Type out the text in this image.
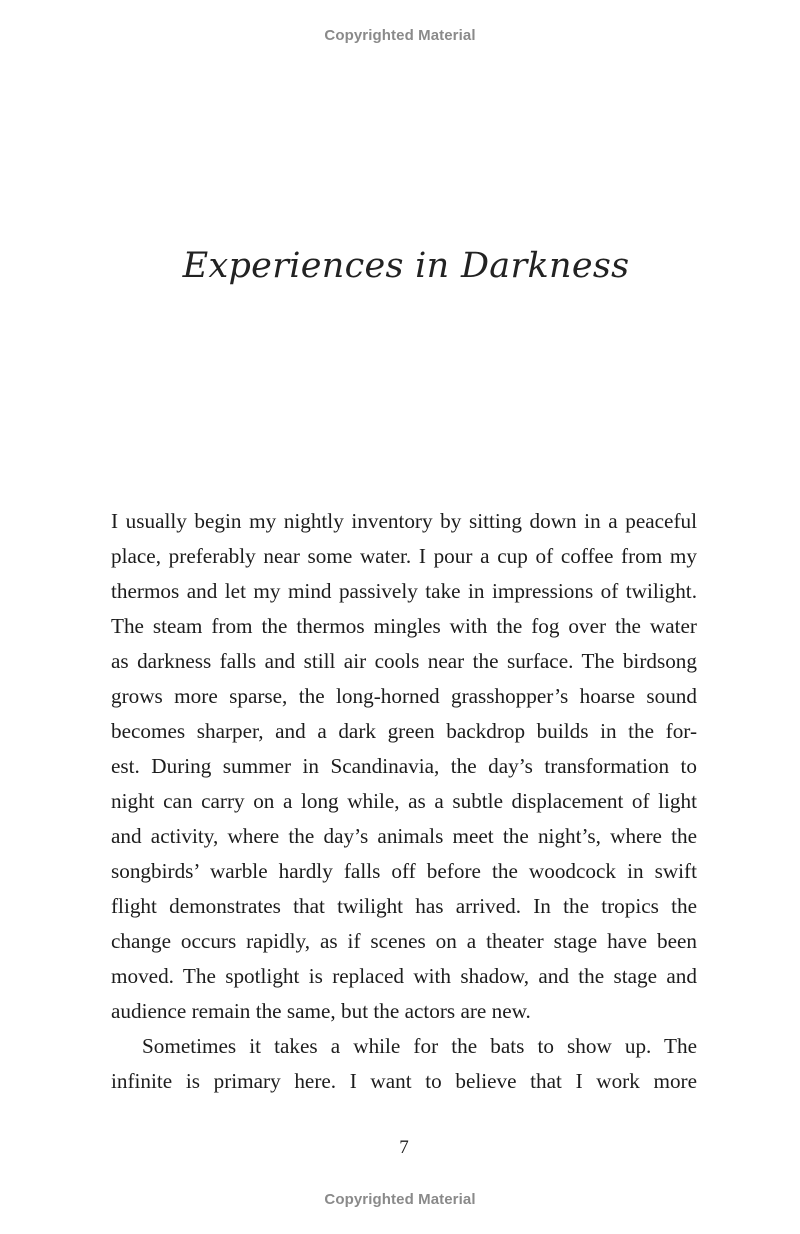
Copyrighted Material
Experiences in Darkness
I usually begin my nightly inventory by sitting down in a peaceful
place, preferably near some water. I pour a cup of coffee from my
thermos and let my mind passively take in impressions of twilight.
The steam from the thermos mingles with the fog over the water
as darkness falls and still air cools near the surface. The birdsong
grows more sparse, the long-horned grasshopper’s hoarse sound
becomes sharper, and a dark green backdrop builds in the for-
est. During summer in Scandinavia, the day’s transformation to
night can carry on a long while, as a subtle displacement of light
and activity, where the day’s animals meet the night’s, where the
songbirds’ warble hardly falls off before the woodcock in swift
flight demonstrates that twilight has arrived. In the tropics the
change occurs rapidly, as if scenes on a theater stage have been
moved. The spotlight is replaced with shadow, and the stage and
audience remain the same, but the actors are new.
Sometimes it takes a while for the bats to show up. The
infinite is primary here. I want to believe that I work more
7
Copyrighted Material
